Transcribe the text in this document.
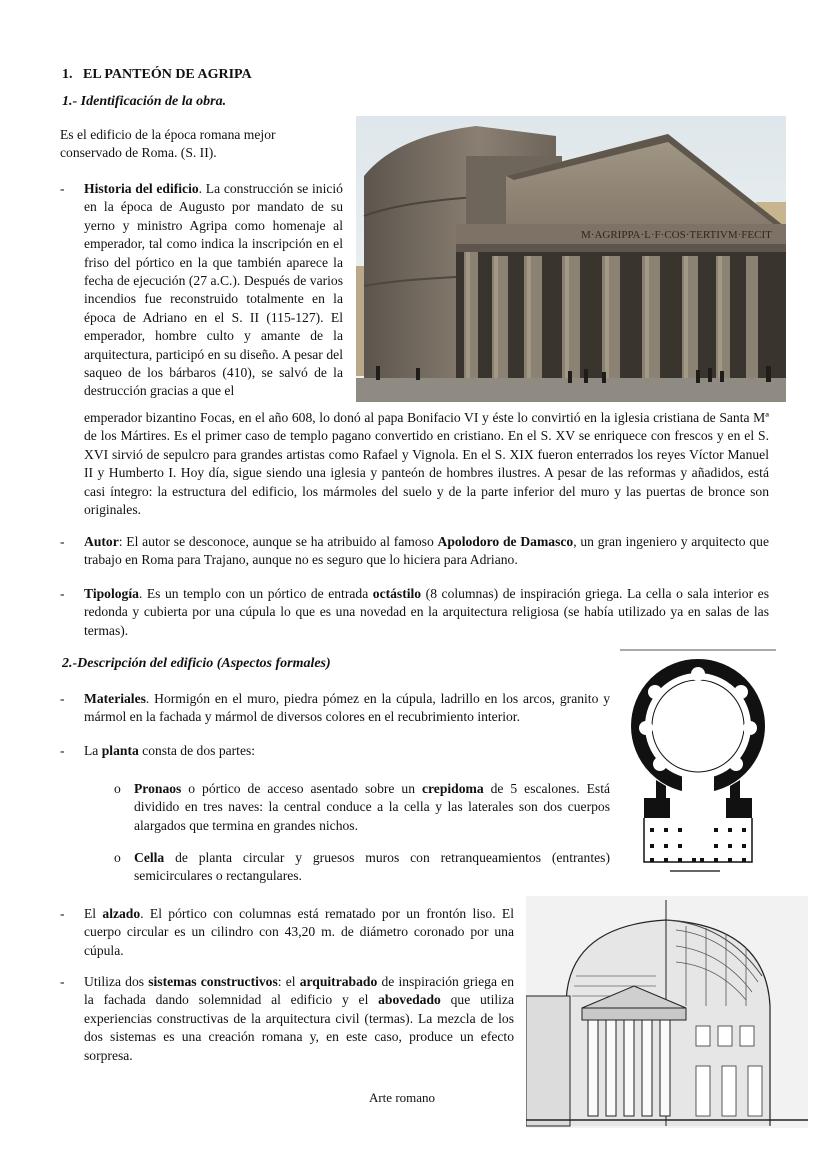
1. EL PANTEÓN DE AGRIPA
1.- Identificación de la obra.
Es el edificio de la época romana mejor
conservado de Roma. (S. II).
M·AGRIPPA·L·F·COS·TERTIVM·FECIT
- Historia del edificio. La construcción se inició en la época de Augusto por mandato de su yerno y ministro Agripa como homenaje al emperador, tal como indica la inscripción en el friso del pórtico en la que también aparece la fecha de ejecución (27 a.C.). Después de varios incendios fue reconstruido totalmente en la época de Adriano en el S. II (115-127). El emperador, hombre culto y amante de la arquitectura, participó en su diseño. A pesar del saqueo de los bárbaros (410), se salvó de la destrucción gracias a que el
emperador bizantino Focas, en el año 608, lo donó al papa Bonifacio VI y éste lo convirtió en la iglesia cristiana de Santa Mª de los Mártires. Es el primer caso de templo pagano convertido en cristiano. En el S. XV se enriquece con frescos y en el S. XVI sirvió de sepulcro para grandes artistas como Rafael y Vignola. En el S. XIX fueron enterrados los reyes Víctor Manuel II y Humberto I. Hoy día, sigue siendo una iglesia y panteón de hombres ilustres. A pesar de las reformas y añadidos, está casi íntegro: la estructura del edificio, los mármoles del suelo y de la parte inferior del muro y las puertas de bronce son originales.
- Autor: El autor se desconoce, aunque se ha atribuido al famoso Apolodoro de Damasco, un gran ingeniero y arquitecto que trabajo en Roma para Trajano, aunque no es seguro que lo hiciera para Adriano.
- Tipología. Es un templo con un pórtico de entrada octástilo (8 columnas) de inspiración griega. La cella o sala interior es redonda y cubierta por una cúpula lo que es una novedad en la arquitectura religiosa (se había utilizado ya en salas de las termas).
2.-Descripción del edificio (Aspectos formales)
- Materiales. Hormigón en el muro, piedra pómez en la cúpula, ladrillo en los arcos, granito y mármol en la fachada y mármol de diversos colores en el recubrimiento interior.
- La planta consta de dos partes:
o Pronaos o pórtico de acceso asentado sobre un crepidoma de 5 escalones. Está dividido en tres naves: la central conduce a la cella y las laterales son dos cuerpos alargados que termina en grandes nichos.
o Cella de planta circular y gruesos muros con retranqueamientos (entrantes) semicirculares o rectangulares.
- El alzado. El pórtico con columnas está rematado por un frontón liso. El cuerpo circular es un cilindro con 43,20 m. de diámetro coronado por una cúpula.
- Utiliza dos sistemas constructivos: el arquitrabado de inspiración griega en la fachada dando solemnidad al edificio y el abovedado que utiliza experiencias constructivas de la arquitectura civil (termas). La mezcla de los dos sistemas es una creación romana y, en este caso, produce un efecto sorpresa.
Arte romano
